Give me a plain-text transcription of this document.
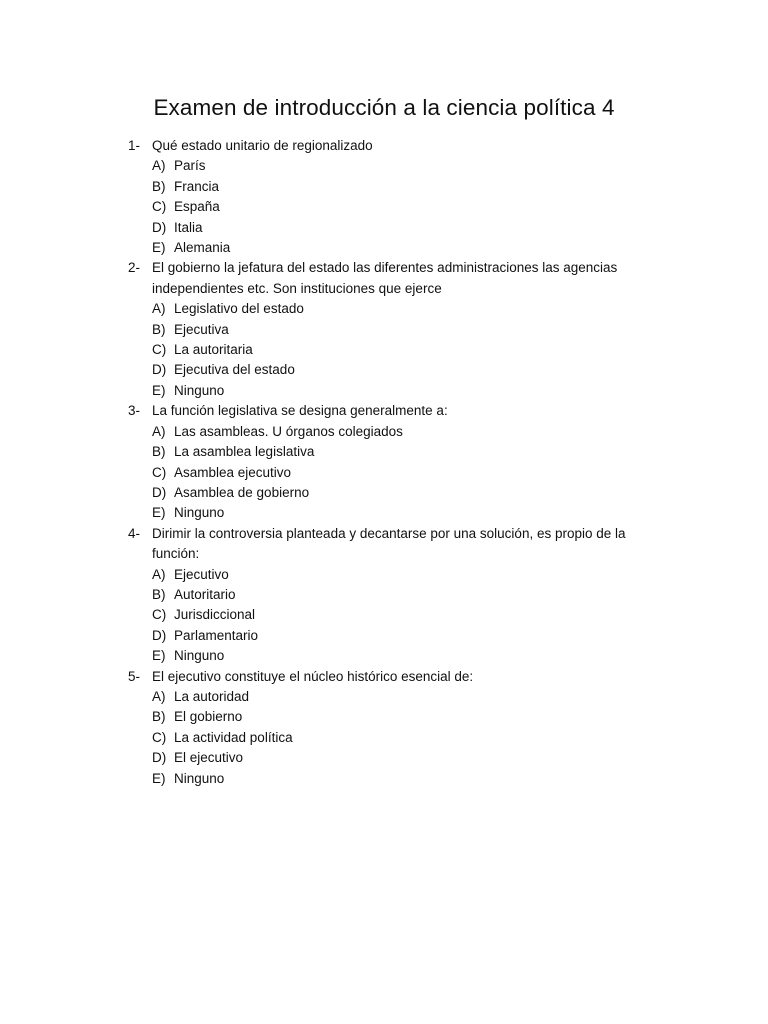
Examen de introducción a la ciencia política 4
1- Qué estado unitario de regionalizado
A) París
B) Francia
C) España
D) Italia
E) Alemania
2- El gobierno la jefatura del estado las diferentes administraciones las agencias independientes etc. Son instituciones que ejerce
A) Legislativo del estado
B) Ejecutiva
C) La autoritaria
D) Ejecutiva del estado
E) Ninguno
3- La función legislativa se designa generalmente a:
A) Las asambleas. U órganos colegiados
B) La asamblea legislativa
C) Asamblea ejecutivo
D) Asamblea de gobierno
E) Ninguno
4- Dirimir la controversia planteada y decantarse por una solución, es propio de la función:
A) Ejecutivo
B) Autoritario
C) Jurisdiccional
D) Parlamentario
E) Ninguno
5- El ejecutivo constituye el núcleo histórico esencial de:
A) La autoridad
B) El gobierno
C) La actividad política
D) El ejecutivo
E) Ninguno
